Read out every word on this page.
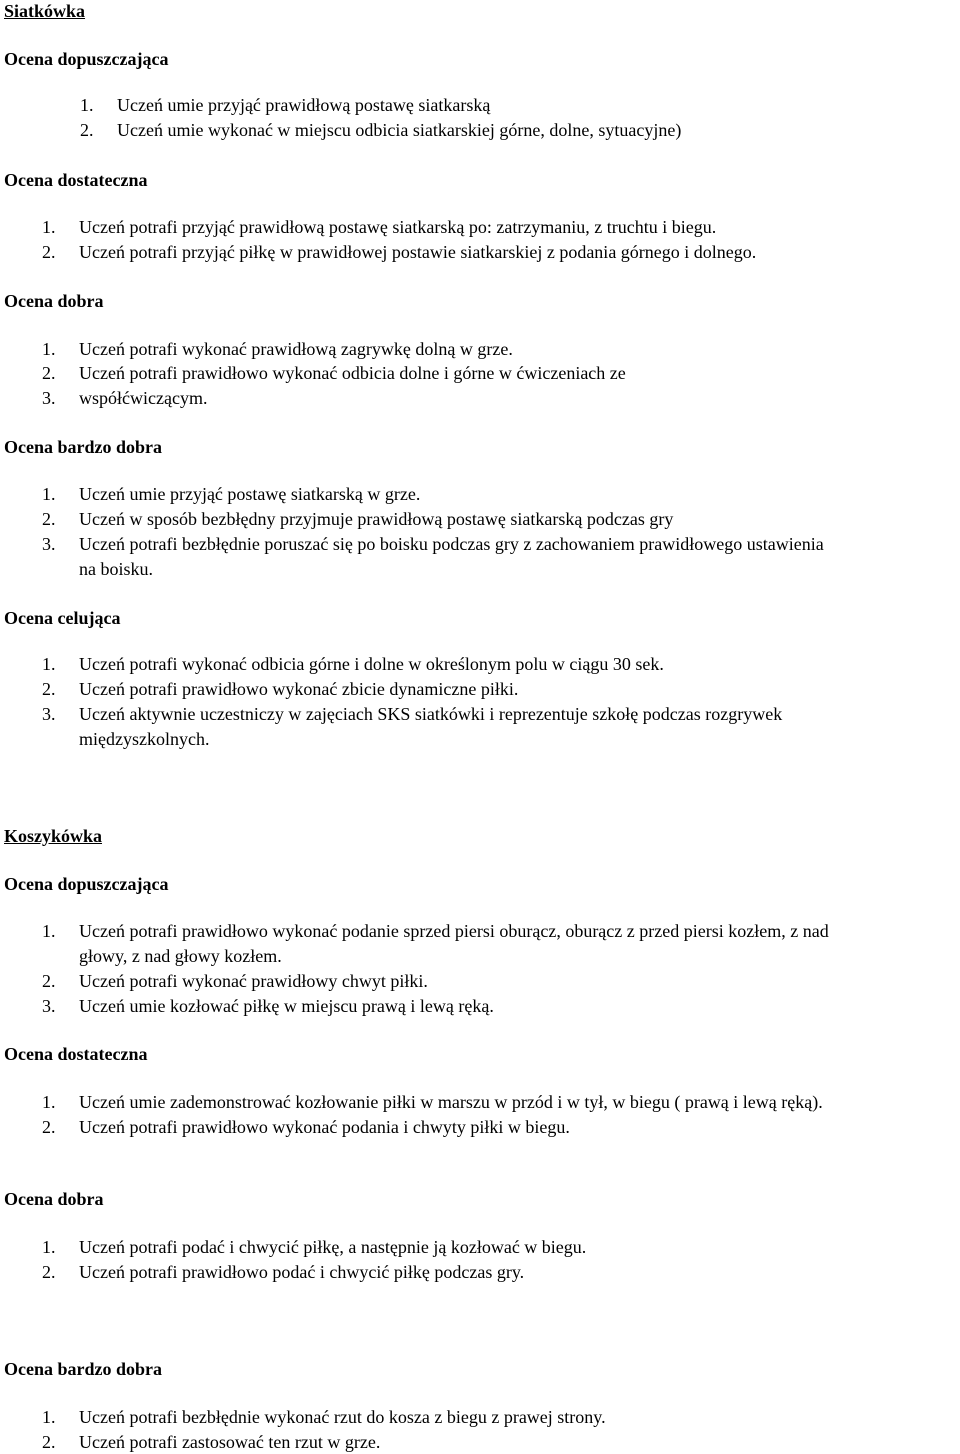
Siatkówka
Ocena dopuszczająca
1. Uczeń umie przyjąć prawidłową postawę siatkarską
2. Uczeń umie wykonać w miejscu odbicia siatkarskiej górne, dolne, sytuacyjne)
Ocena dostateczna
1. Uczeń potrafi przyjąć prawidłową postawę siatkarską po: zatrzymaniu, z truchtu i biegu.
2. Uczeń potrafi przyjąć piłkę w prawidłowej postawie siatkarskiej z podania górnego i dolnego.
Ocena dobra
1. Uczeń potrafi wykonać prawidłową zagrywkę dolną w grze.
2. Uczeń potrafi prawidłowo wykonać odbicia dolne i górne w ćwiczeniach ze
3. współćwiczącym.
Ocena bardzo dobra
1. Uczeń umie przyjąć postawę siatkarską w grze.
2. Uczeń w sposób bezbłędny przyjmuje prawidłową postawę siatkarską podczas gry
3. Uczeń potrafi bezbłędnie poruszać się po boisku podczas gry z zachowaniem prawidłowego ustawienia
na boisku.
Ocena celująca
1. Uczeń potrafi wykonać odbicia górne i dolne w określonym polu w ciągu 30 sek.
2. Uczeń potrafi prawidłowo wykonać zbicie dynamiczne piłki.
3. Uczeń aktywnie uczestniczy w zajęciach SKS siatkówki i reprezentuje szkołę podczas rozgrywek
międzyszkolnych.
Koszykówka
Ocena dopuszczająca
1. Uczeń potrafi prawidłowo wykonać podanie sprzed piersi oburącz, oburącz z przed piersi kozłem, z nad
głowy, z nad głowy kozłem.
2. Uczeń potrafi wykonać prawidłowy chwyt piłki.
3. Uczeń umie kozłować piłkę w miejscu prawą i lewą ręką.
Ocena dostateczna
1. Uczeń umie zademonstrować kozłowanie piłki w marszu w przód i w tył, w biegu ( prawą i lewą ręką).
2. Uczeń potrafi prawidłowo wykonać podania i chwyty piłki w biegu.
Ocena dobra
1. Uczeń potrafi podać i chwycić piłkę, a następnie ją kozłować w biegu.
2. Uczeń potrafi prawidłowo podać i chwycić piłkę podczas gry.
Ocena bardzo dobra
1. Uczeń potrafi bezbłędnie wykonać rzut do kosza z biegu z prawej strony.
2. Uczeń potrafi zastosować ten rzut w grze.
